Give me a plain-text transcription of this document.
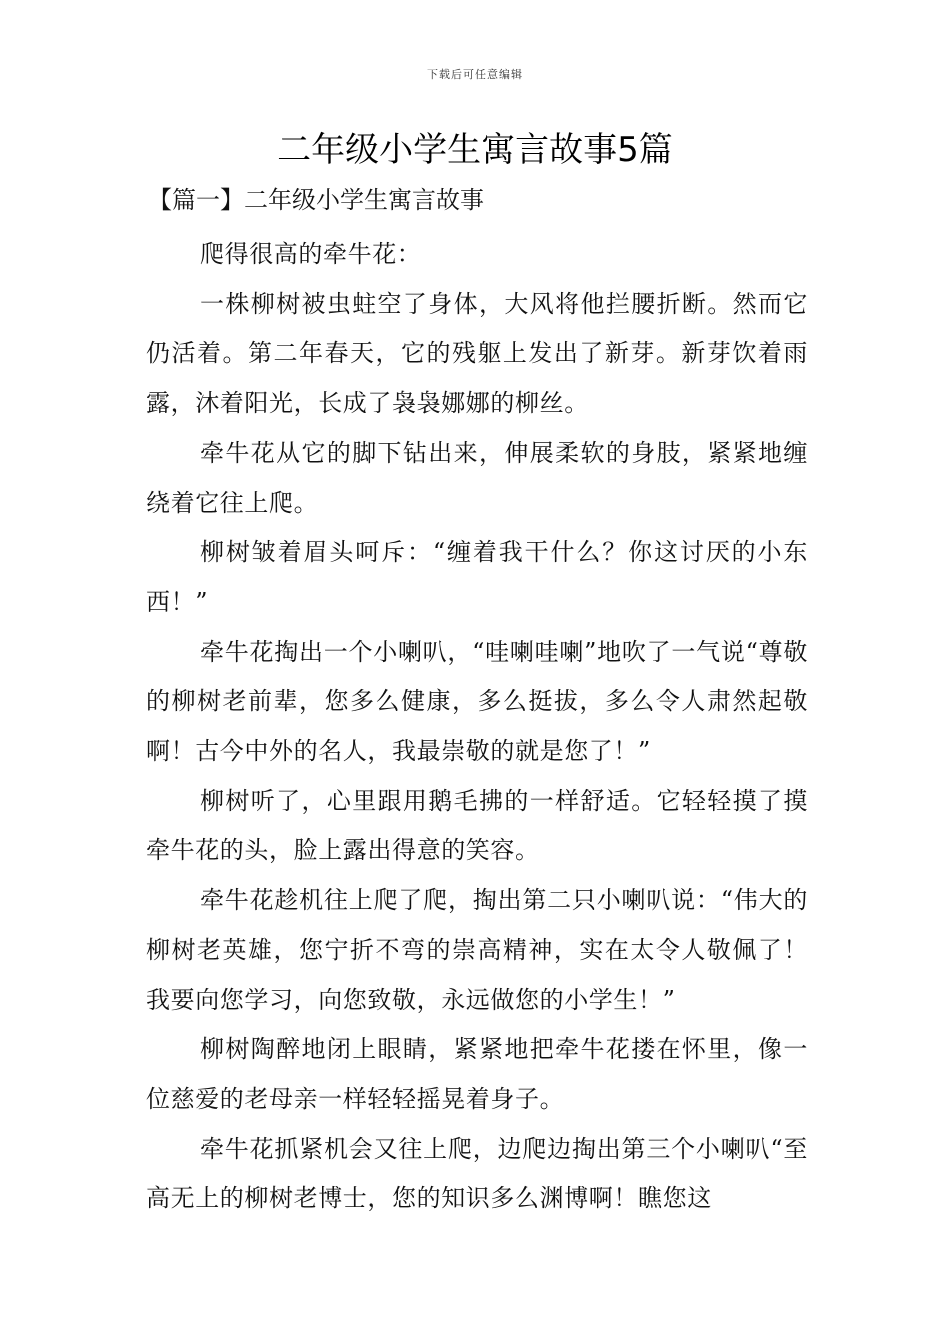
下载后可任意编辑
二年级小学生寓言故事5篇
【篇一】二年级小学生寓言故事

爬得很高的牵牛花：

一株柳树被虫蛀空了身体，大风将他拦腰折断。然而它仍活着。第二年春天，它的残躯上发出了新芽。新芽饮着雨露，沐着阳光，长成了袅袅娜娜的柳丝。

牵牛花从它的脚下钻出来，伸展柔软的身肢，紧紧地缠绕着它往上爬。

柳树皱着眉头呵斥：“缠着我干什么？你这讨厌的小东西！”

牵牛花掏出一个小喇叭，“哇喇哇喇”地吹了一气说“尊敬的柳树老前辈，您多么健康，多么挺拔，多么令人肃然起敬啊！古今中外的名人，我最崇敬的就是您了！”

柳树听了，心里跟用鹅毛拂的一样舒适。它轻轻摸了摸牵牛花的头，脸上露出得意的笑容。

牵牛花趁机往上爬了爬，掏出第二只小喇叭说：“伟大的柳树老英雄，您宁折不弯的崇高精神，实在太令人敬佩了！我要向您学习，向您致敬，永远做您的小学生！”

柳树陶醉地闭上眼睛，紧紧地把牵牛花搂在怀里，像一位慈爱的老母亲一样轻轻摇晃着身子。

牵牛花抓紧机会又往上爬，边爬边掏出第三个小喇叭“至高无上的柳树老博士，您的知识多么渊博啊！瞧您这
